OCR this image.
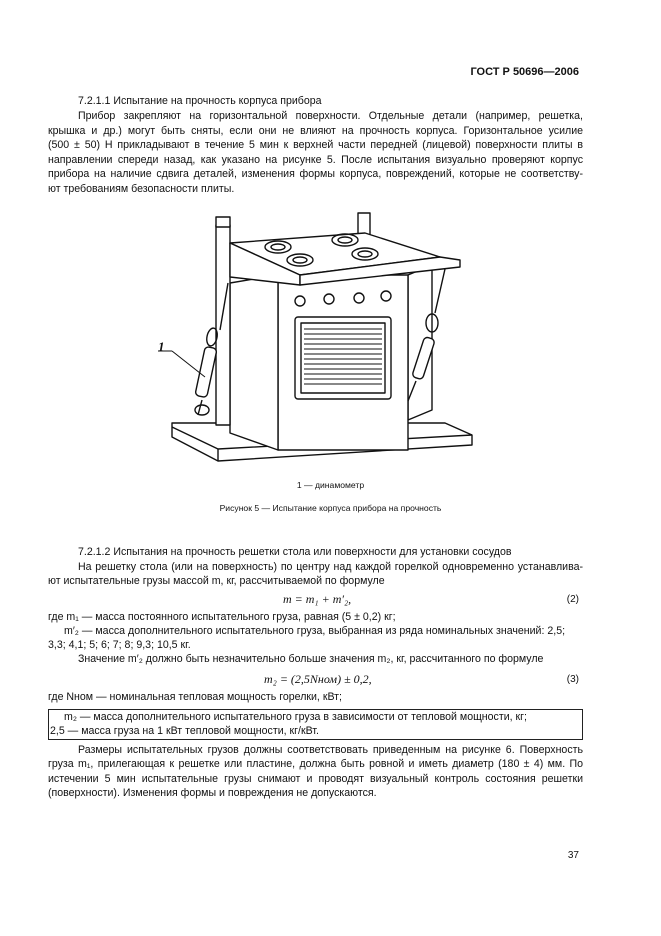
ГОСТ Р 50696—2006
7.2.1.1 Испытание на прочность корпуса прибора
Прибор закрепляют на горизонтальной поверхности. Отдельные детали (например, решетка,
крышка и др.) могут быть сняты, если они не влияют на прочность корпуса. Горизонтальное усилие
(500 ± 50) Н прикладывают в течение 5 мин к верхней части передней (лицевой) поверхности плиты в
направлении спереди назад, как указано на рисунке 5. После испытания визуально проверяют корпус
прибора на наличие сдвига деталей, изменения формы корпуса, повреждений, которые не соответству-
ют требованиям безопасности плиты.
1
1 — динамометр
Рисунок 5 — Испытание корпуса прибора на прочность
7.2.1.2 Испытания на прочность решетки стола или поверхности для установки сосудов
На решетку стола (или на поверхность) по центру над каждой горелкой одновременно устанавлива-
ют испытательные грузы массой m, кг, рассчитываемой по формуле
m = m₁ + m′₂,	(2)
где m₁ — масса постоянного испытательного груза, равная (5 ± 0,2) кг;
m′₂ — масса дополнительного испытательного груза, выбранная из ряда номинальных значений: 2,5;
3,3; 4,1; 5; 6; 7; 8; 9,3; 10,5 кг.
Значение m′₂ должно быть незначительно больше значения m₂, кг, рассчитанного по формуле
m₂ = (2,5Nном) ± 0,2,	(3)
где Nном — номинальная тепловая мощность горелки, кВт;
m₂ — масса дополнительного испытательного груза в зависимости от тепловой мощности, кг;
2,5 — масса груза на 1 кВт тепловой мощности, кг/кВт.
Размеры испытательных грузов должны соответствовать приведенным на рисунке 6. Поверхность
груза m₁, прилегающая к решетке или пластине, должна быть ровной и иметь диаметр (180 ± 4) мм. По
истечении 5 мин испытательные грузы снимают и проводят визуальный контроль состояния решетки
(поверхности). Изменения формы и повреждения не допускаются.
37
